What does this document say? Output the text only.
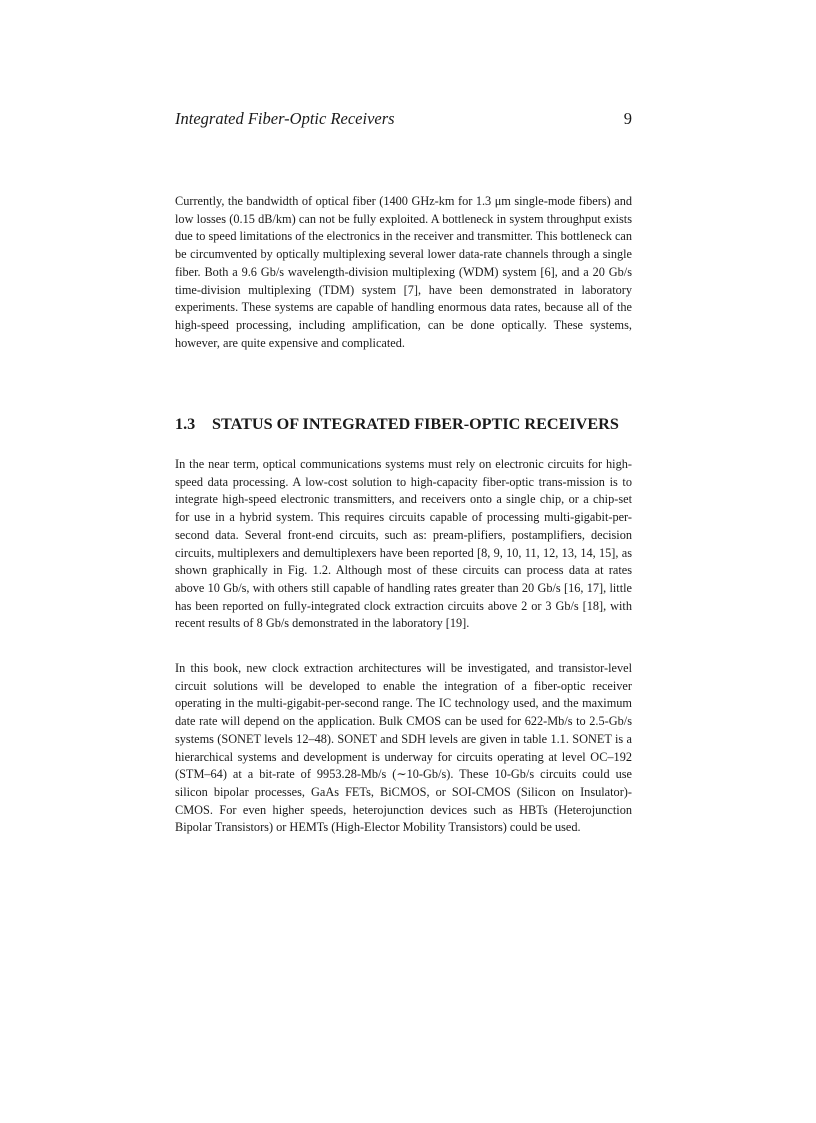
Integrated Fiber-Optic Receivers	9

Currently, the bandwidth of optical fiber (1400 GHz-km for 1.3 μm single-mode fibers) and low losses (0.15 dB/km) can not be fully exploited. A bottleneck in system throughput exists due to speed limitations of the electronics in the receiver and transmitter. This bottleneck can be circumvented by optically multiplexing several lower data-rate channels through a single fiber. Both a 9.6 Gb/s wavelength-division multiplexing (WDM) system [6], and a 20 Gb/s time-division multiplexing (TDM) system [7], have been demonstrated in laboratory experiments. These systems are capable of handling enormous data rates, because all of the high-speed processing, including amplification, can be done optically. These systems, however, are quite expensive and complicated.

1.3 STATUS OF INTEGRATED FIBER-OPTIC RECEIVERS

In the near term, optical communications systems must rely on electronic circuits for high-speed data processing. A low-cost solution to high-capacity fiber-optic trans-mission is to integrate high-speed electronic transmitters, and receivers onto a single chip, or a chip-set for use in a hybrid system. This requires circuits capable of processing multi-gigabit-per-second data. Several front-end circuits, such as: pream-plifiers, postamplifiers, decision circuits, multiplexers and demultiplexers have been reported [8, 9, 10, 11, 12, 13, 14, 15], as shown graphically in Fig. 1.2. Although most of these circuits can process data at rates above 10 Gb/s, with others still capable of handling rates greater than 20 Gb/s [16, 17], little has been reported on fully-integrated clock extraction circuits above 2 or 3 Gb/s [18], with recent results of 8 Gb/s demonstrated in the laboratory [19].

In this book, new clock extraction architectures will be investigated, and transistor-level circuit solutions will be developed to enable the integration of a fiber-optic receiver operating in the multi-gigabit-per-second range. The IC technology used, and the maximum date rate will depend on the application. Bulk CMOS can be used for 622-Mb/s to 2.5-Gb/s systems (SONET levels 12–48). SONET and SDH levels are given in table 1.1. SONET is a hierarchical systems and development is underway for circuits operating at level OC–192 (STM–64) at a bit-rate of 9953.28-Mb/s (∼10-Gb/s). These 10-Gb/s circuits could use silicon bipolar processes, GaAs FETs, BiCMOS, or SOI-CMOS (Silicon on Insulator)-CMOS. For even higher speeds, heterojunction devices such as HBTs (Heterojunction Bipolar Transistors) or HEMTs (High-Elector Mobility Transistors) could be used.
